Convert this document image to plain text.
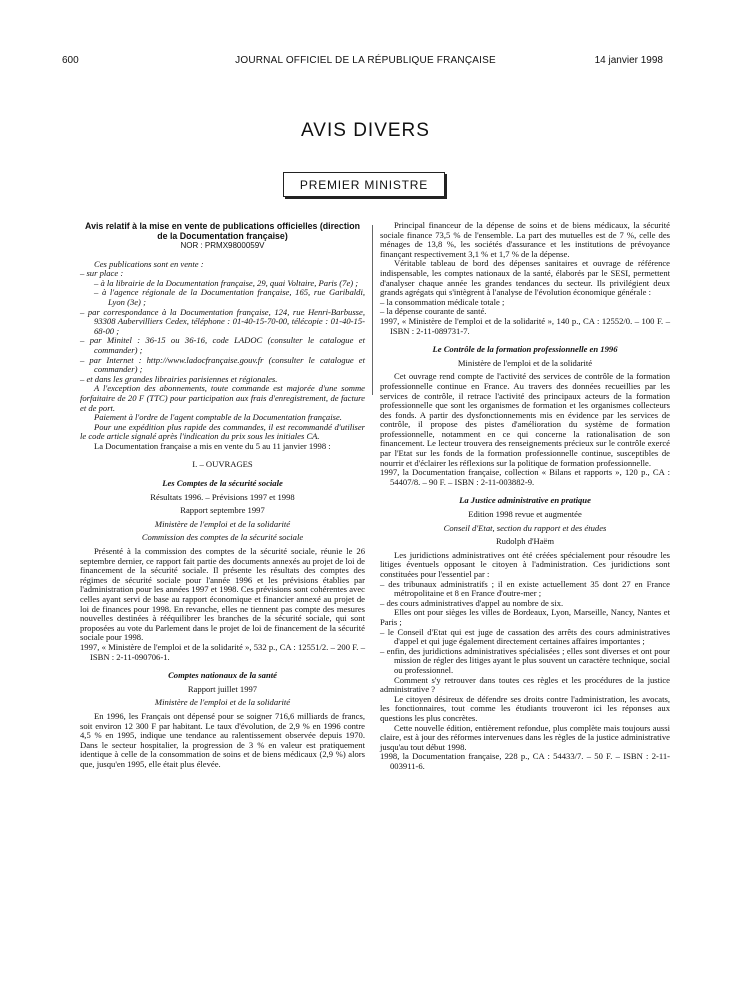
600	JOURNAL OFFICIEL DE LA RÉPUBLIQUE FRANÇAISE	14 janvier 1998
AVIS DIVERS
PREMIER MINISTRE

Avis relatif à la mise en vente de publications officielles (direction de la Documentation française)

NOR : PRMX9800059V

Ces publications sont en vente :

– sur place :

– à la librairie de la Documentation française, 29, quai Voltaire, Paris (7e) ;

– à l'agence régionale de la Documentation française, 165, rue Garibaldi, Lyon (3e) ;

– par correspondance à la Documentation française, 124, rue Henri-Barbusse, 93308 Aubervilliers Cedex, téléphone : 01-40-15-70-00, télécopie : 01-40-15-68-00 ;

– par Minitel : 36-15 ou 36-16, code LADOC (consulter le catalogue et commander) ;

– par Internet : http://www.ladocfrançaise.gouv.fr (consulter le catalogue et commander) ;

– et dans les grandes librairies parisiennes et régionales.

A l'exception des abonnements, toute commande est majorée d'une somme forfaitaire de 20 F (TTC) pour participation aux frais d'enregistrement, de facture et de port.

Paiement à l'ordre de l'agent comptable de la Documentation française.

Pour une expédition plus rapide des commandes, il est recommandé d'utiliser le code article signalé après l'indication du prix sous les initiales CA.

La Documentation française a mis en vente du 5 au 11 janvier 1998 :

I. – OUVRAGES

Les Comptes de la sécurité sociale

Résultats 1996. – Prévisions 1997 et 1998

Rapport septembre 1997

Ministère de l'emploi et de la solidarité

Commission des comptes de la sécurité sociale

Présenté à la commission des comptes de la sécurité sociale, réunie le 26 septembre dernier, ce rapport fait partie des documents annexés au projet de loi de financement de la sécurité sociale. Il présente les résultats des comptes des régimes de sécurité sociale pour l'année 1996 et les prévisions établies par l'administration pour les années 1997 et 1998. Ces prévisions sont cohérentes avec celles ayant servi de base au rapport économique et financier annexé au projet de loi de finances pour 1998. En revanche, elles ne tiennent pas compte des mesures nouvelles destinées à rééquilibrer les branches de la sécurité sociale, qui sont proposées au vote du Parlement dans le projet de loi de financement de la sécurité sociale pour 1998.

1997, « Ministère de l'emploi et de la solidarité », 532 p., CA : 12551/2. – 200 F. – ISBN : 2-11-090706-1.

Comptes nationaux de la santé

Rapport juillet 1997

Ministère de l'emploi et de la solidarité

En 1996, les Français ont dépensé pour se soigner 716,6 milliards de francs, soit environ 12 300 F par habitant. Le taux d'évolution, de 2,9 % en 1996 contre 4,5 % en 1995, indique une tendance au ralentissement observée depuis 1970. Dans le secteur hospitalier, la progression de 3 % en valeur est pratiquement identique à celle de la consommation de soins et de biens médicaux (2,9 %) alors que, jusqu'en 1995, elle était plus élevée.

Principal financeur de la dépense de soins et de biens médicaux, la sécurité sociale finance 73,5 % de l'ensemble. La part des mutuelles est de 7 %, celle des ménages de 13,8 %, les sociétés d'assurance et les institutions de prévoyance finançant respectivement 3,1 % et 1,7 % de la dépense.

Véritable tableau de bord des dépenses sanitaires et ouvrage de référence indispensable, les comptes nationaux de la santé, élaborés par le SESI, permettent d'analyser chaque année les grandes tendances du secteur. Ils privilégient deux grands agrégats qui s'intègrent à l'analyse de l'évolution économique générale :

– la consommation médicale totale ;

– la dépense courante de santé.

1997, « Ministère de l'emploi et de la solidarité », 140 p., CA : 12552/0. – 100 F. – ISBN : 2-11-089731-7.

Le Contrôle de la formation professionnelle en 1996

Ministère de l'emploi et de la solidarité

Cet ouvrage rend compte de l'activité des services de contrôle de la formation professionnelle continue en France. Au travers des données recueillies par les services de contrôle, il retrace l'activité des principaux acteurs de la formation professionnelle que sont les organismes de formation et les organismes collecteurs des fonds. A partir des dysfonctionnements mis en évidence par les services de contrôle, il propose des pistes d'amélioration du système de formation professionnelle, notamment en ce qui concerne la rationalisation de son financement. Le lecteur trouvera des renseignements précieux sur le contrôle exercé par l'Etat sur les fonds de la formation professionnelle continue, susceptibles de nourrir et d'éclairer les réflexions sur la politique de formation professionnelle.

1997, la Documentation française, collection « Bilans et rapports », 120 p., CA : 54407/8. – 90 F. – ISBN : 2-11-003882-9.

La Justice administrative en pratique

Edition 1998 revue et augmentée

Conseil d'Etat, section du rapport et des études

Rudolph d'Haëm

Les juridictions administratives ont été créées spécialement pour résoudre les litiges éventuels opposant le citoyen à l'administration. Ces juridictions sont constituées pour l'essentiel par :

– des tribunaux administratifs ; il en existe actuellement 35 dont 27 en France métropolitaine et 8 en France d'outre-mer ;

– des cours administratives d'appel au nombre de six.

Elles ont pour sièges les villes de Bordeaux, Lyon, Marseille, Nancy, Nantes et Paris ;

– le Conseil d'Etat qui est juge de cassation des arrêts des cours administratives d'appel et qui juge également directement certaines affaires importantes ;

– enfin, des juridictions administratives spécialisées ; elles sont diverses et ont pour mission de régler des litiges ayant le plus souvent un caractère technique, social ou professionnel.

Comment s'y retrouver dans toutes ces règles et les procédures de la justice administrative ?

Le citoyen désireux de défendre ses droits contre l'administration, les avocats, les fonctionnaires, tout comme les étudiants trouveront ici les réponses aux questions les plus concrètes.

Cette nouvelle édition, entièrement refondue, plus complète mais toujours aussi claire, est à jour des réformes intervenues dans les règles de la justice administrative jusqu'au tout début 1998.

1998, la Documentation française, 228 p., CA : 54433/7. – 50 F. – ISBN : 2-11-003911-6.
